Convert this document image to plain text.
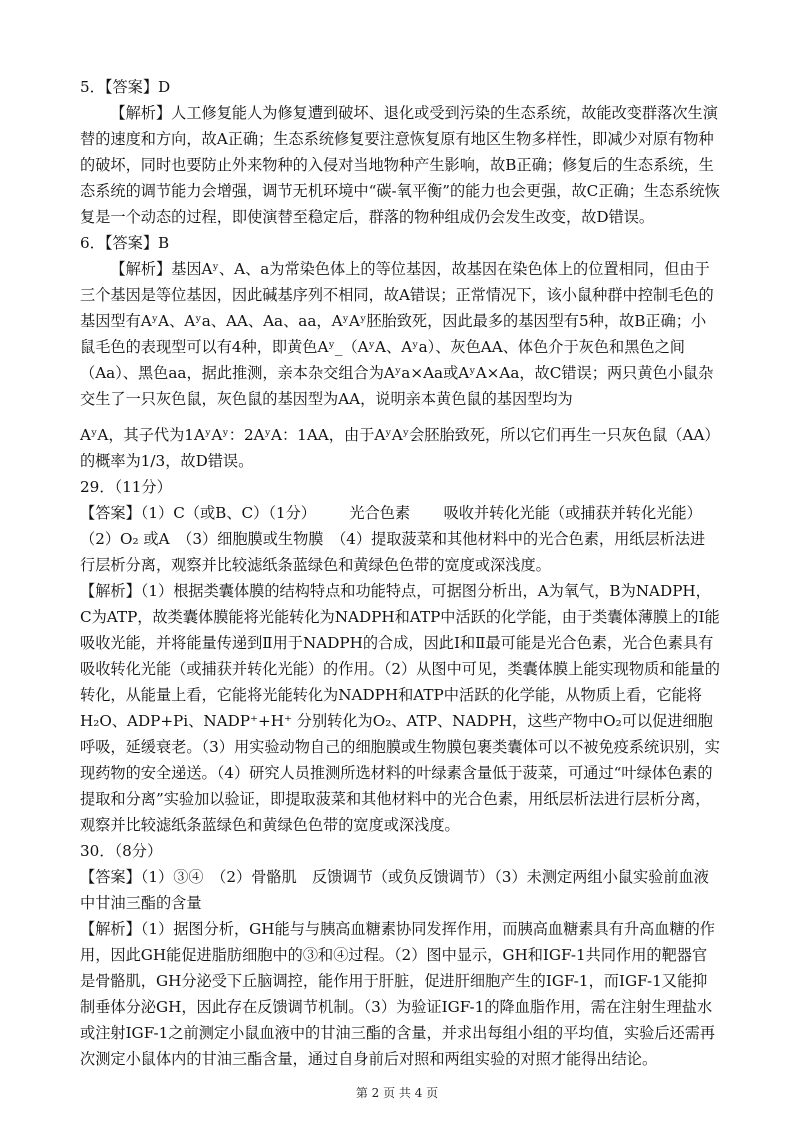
5．【答案】D

【解析】人工修复能人为修复遭到破坏、退化或受到污染的生态系统，故能改变群落次生演替的速度和方向，故A正确；生态系统修复要注意恢复原有地区生物多样性，即减少对原有物种的破坏，同时也要防止外来物种的入侵对当地物种产生影响，故B正确；修复后的生态系统，生态系统的调节能力会增强，调节无机环境中“碳-氧平衡”的能力也会更强，故C正确；生态系统恢复是一个动态的过程，即使演替至稳定后，群落的物种组成仍会发生改变，故D错误。

6．【答案】B

【解析】基因Aʸ、A、a为常染色体上的等位基因，故基因在染色体上的位置相同，但由于三个基因是等位基因，因此碱基序列不相同，故A错误；正常情况下，该小鼠种群中控制毛色的基因型有AʸA、Aʸa、AA、Aa、aa，AʸAʸ胚胎致死，因此最多的基因型有5种，故B正确；小鼠毛色的表现型可以有4种，即黄色Aʸ_（AʸA、Aʸa）、灰色AA、体色介于灰色和黑色之间（Aa）、黑色aa，据此推测，亲本杂交组合为Aʸa×Aa或AʸA×Aa，故C错误；两只黄色小鼠杂交生了一只灰色鼠，灰色鼠的基因型为AA，说明亲本黄色鼠的基因型均为

AʸA，其子代为1AʸAʸ：2AʸA：1AA，由于AʸAʸ会胚胎致死，所以它们再生一只灰色鼠（AA）的概率为1/3，故D错误。

29．（11分）

【答案】（1）C（或B、C）（1分） 光合色素 吸收并转化光能（或捕获并转化光能）

（2）O₂ 或A　（3）细胞膜或生物膜　（4）提取菠菜和其他材料中的光合色素，用纸层析法进行层析分离，观察并比较滤纸条蓝绿色和黄绿色色带的宽度或深浅度。

【解析】（1）根据类囊体膜的结构特点和功能特点，可据图分析出，A为氧气，B为NADPH，C为ATP，故类囊体膜能将光能转化为NADPH和ATP中活跃的化学能，由于类囊体薄膜上的Ⅰ能吸收光能，并将能量传递到Ⅱ用于NADPH的合成，因此Ⅰ和Ⅱ最可能是光合色素，光合色素具有吸收转化光能（或捕获并转化光能）的作用。（2）从图中可见，类囊体膜上能实现物质和能量的转化，从能量上看，它能将光能转化为NADPH和ATP中活跃的化学能，从物质上看，它能将H₂O、ADP+Pi、NADP⁺+H⁺ 分别转化为O₂、ATP、NADPH，这些产物中O₂可以促进细胞呼吸，延缓衰老。（3）用实验动物自己的细胞膜或生物膜包裹类囊体可以不被免疫系统识别，实现药物的安全递送。（4）研究人员推测所选材料的叶绿素含量低于菠菜，可通过“叶绿体色素的提取和分离”实验加以验证，即提取菠菜和其他材料中的光合色素，用纸层析法进行层析分离，观察并比较滤纸条蓝绿色和黄绿色色带的宽度或深浅度。

30．（8分）

【答案】（1）③④　（2）骨骼肌　反馈调节（或负反馈调节）（3）未测定两组小鼠实验前血液中甘油三酯的含量

【解析】（1）据图分析，GH能与与胰高血糖素协同发挥作用，而胰高血糖素具有升高血糖的作用，因此GH能促进脂肪细胞中的③和④过程。（2）图中显示，GH和IGF-1共同作用的靶器官是骨骼肌，GH分泌受下丘脑调控，能作用于肝脏，促进肝细胞产生的IGF-1，而IGF-1又能抑制垂体分泌GH，因此存在反馈调节机制。（3）为验证IGF-1的降血脂作用，需在注射生理盐水或注射IGF-1之前测定小鼠血液中的甘油三酯的含量，并求出每组小组的平均值，实验后还需再次测定小鼠体内的甘油三酯含量，通过自身前后对照和两组实验的对照才能得出结论。

第 2 页 共 4 页
